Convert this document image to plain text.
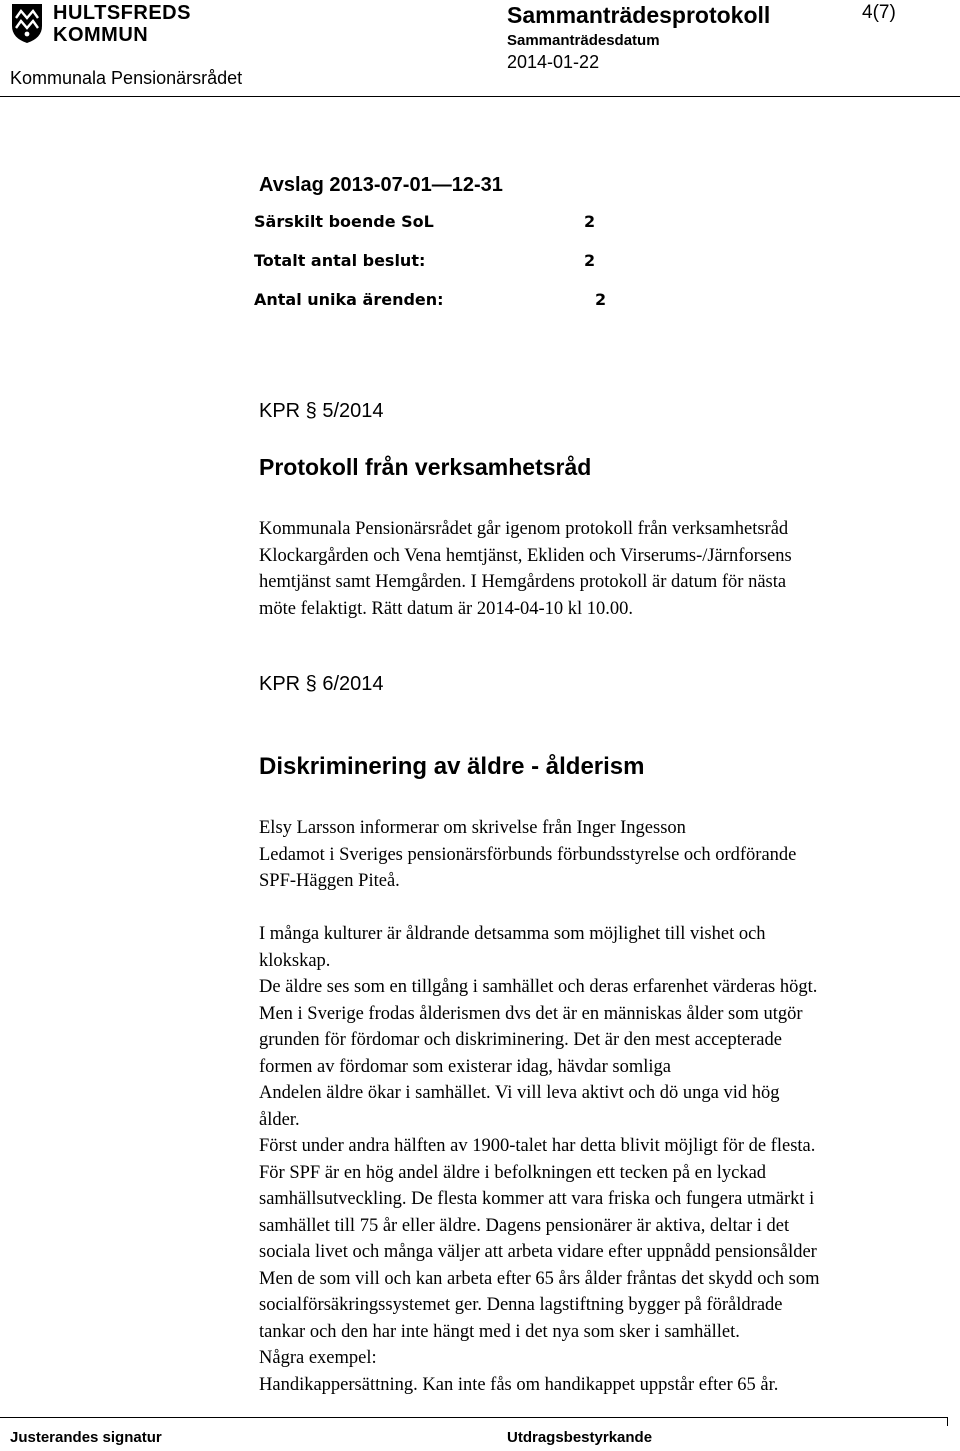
HULTSFREDS
KOMMUN
Kommunala Pensionärsrådet
Sammanträdesprotokoll	4(7)
Sammanträdesdatum
2014-01-22
Avslag 2013-07-01—12-31
Särskilt boende SoL	2
Totalt antal beslut:	2
Antal unika ärenden:	2
KPR § 5/2014
Protokoll från verksamhetsråd
Kommunala Pensionärsrådet går igenom protokoll från verksamhetsråd
Klockargården och Vena hemtjänst, Ekliden och Virserums-/Järnforsens
hemtjänst samt Hemgården. I Hemgårdens protokoll är datum för nästa
möte felaktigt. Rätt datum är 2014-04-10 kl 10.00.
KPR § 6/2014
Diskriminering av äldre - ålderism
Elsy Larsson informerar om skrivelse från Inger Ingesson
Ledamot i Sveriges pensionärsförbunds förbundsstyrelse och ordförande
SPF-Häggen Piteå.
I många kulturer är åldrande detsamma som möjlighet till vishet och
klokskap.
De äldre ses som en tillgång i samhället och deras erfarenhet värderas högt.
Men i Sverige frodas ålderismen dvs det är en människas ålder som utgör
grunden för fördomar och diskriminering. Det är den mest accepterade
formen av fördomar som existerar idag, hävdar somliga
Andelen äldre ökar i samhället. Vi vill leva aktivt och dö unga vid hög
ålder.
Först under andra hälften av 1900-talet har detta blivit möjligt för de flesta.
För SPF är en hög andel äldre i befolkningen ett tecken på en lyckad
samhällsutveckling. De flesta kommer att vara friska och fungera utmärkt i
samhället till 75 år eller äldre. Dagens pensionärer är aktiva, deltar i det
sociala livet och många väljer att arbeta vidare efter uppnådd pensionsålder
Men de som vill och kan arbeta efter 65 års ålder fråntas det skydd och som
socialförsäkringssystemet ger. Denna lagstiftning bygger på föråldrade
tankar och den har inte hängt med i det nya som sker i samhället.
Några exempel:
Handikappersättning. Kan inte fås om handikappet uppstår efter 65 år.
Justerandes signatur	Utdragsbestyrkande
